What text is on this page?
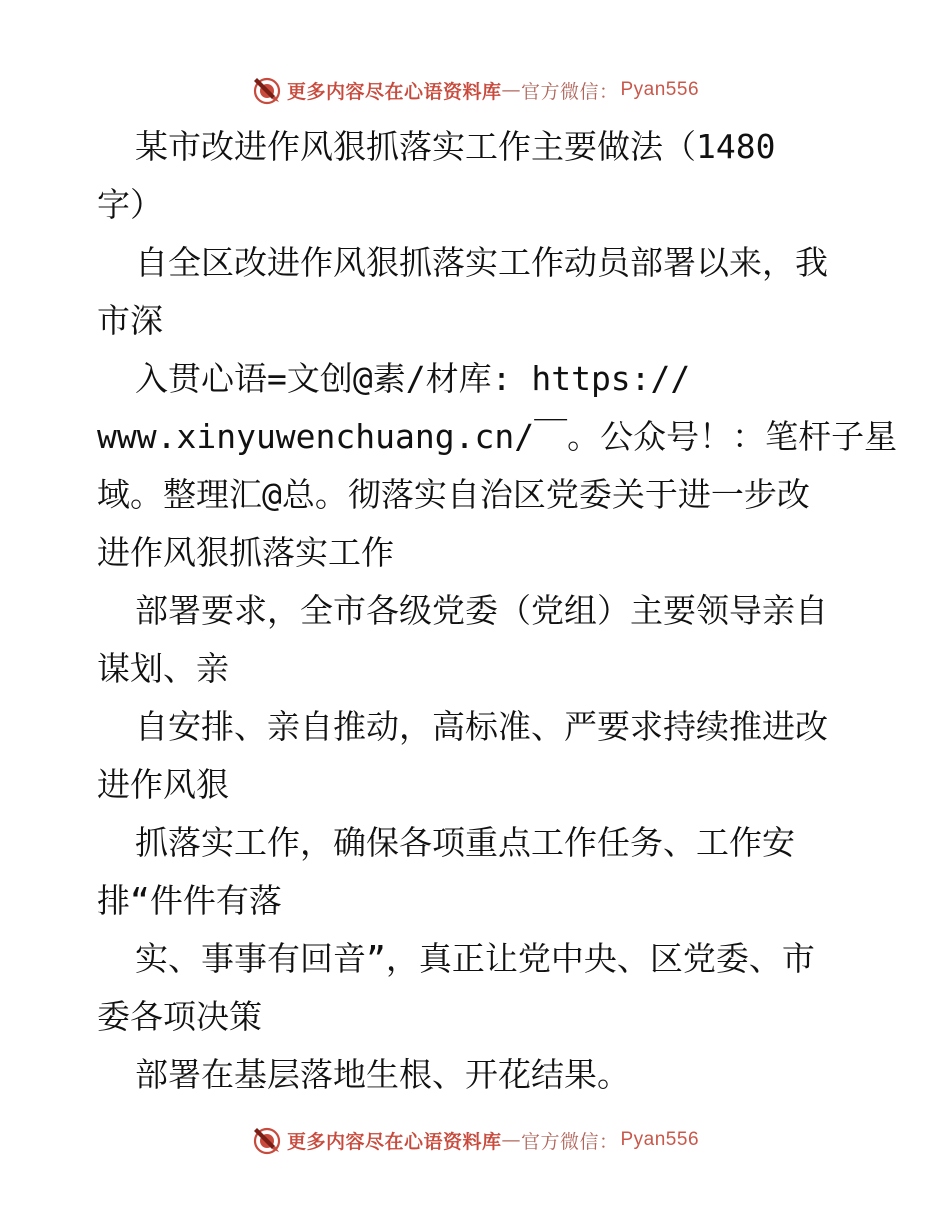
更多内容尽在心语资料库 — 官方微信： Pyan556
某市改进作风狠抓落实工作主要做法（1480
字）
自全区改进作风狠抓落实工作动员部署以来，我
市深
入贯心语=文创@素/材库: https://
www.xinyuwenchuang.cn/￣。公众号！：笔杆子星
域。整理汇@总。彻落实自治区党委关于进一步改
进作风狠抓落实工作
部署要求，全市各级党委（党组）主要领导亲自
谋划、亲
自安排、亲自推动，高标准、严要求持续推进改
进作风狠
抓落实工作，确保各项重点工作任务、工作安
排“件件有落
实、事事有回音”，真正让党中央、区党委、市
委各项决策
部署在基层落地生根、开花结果。
更多内容尽在心语资料库 — 官方微信： Pyan556
